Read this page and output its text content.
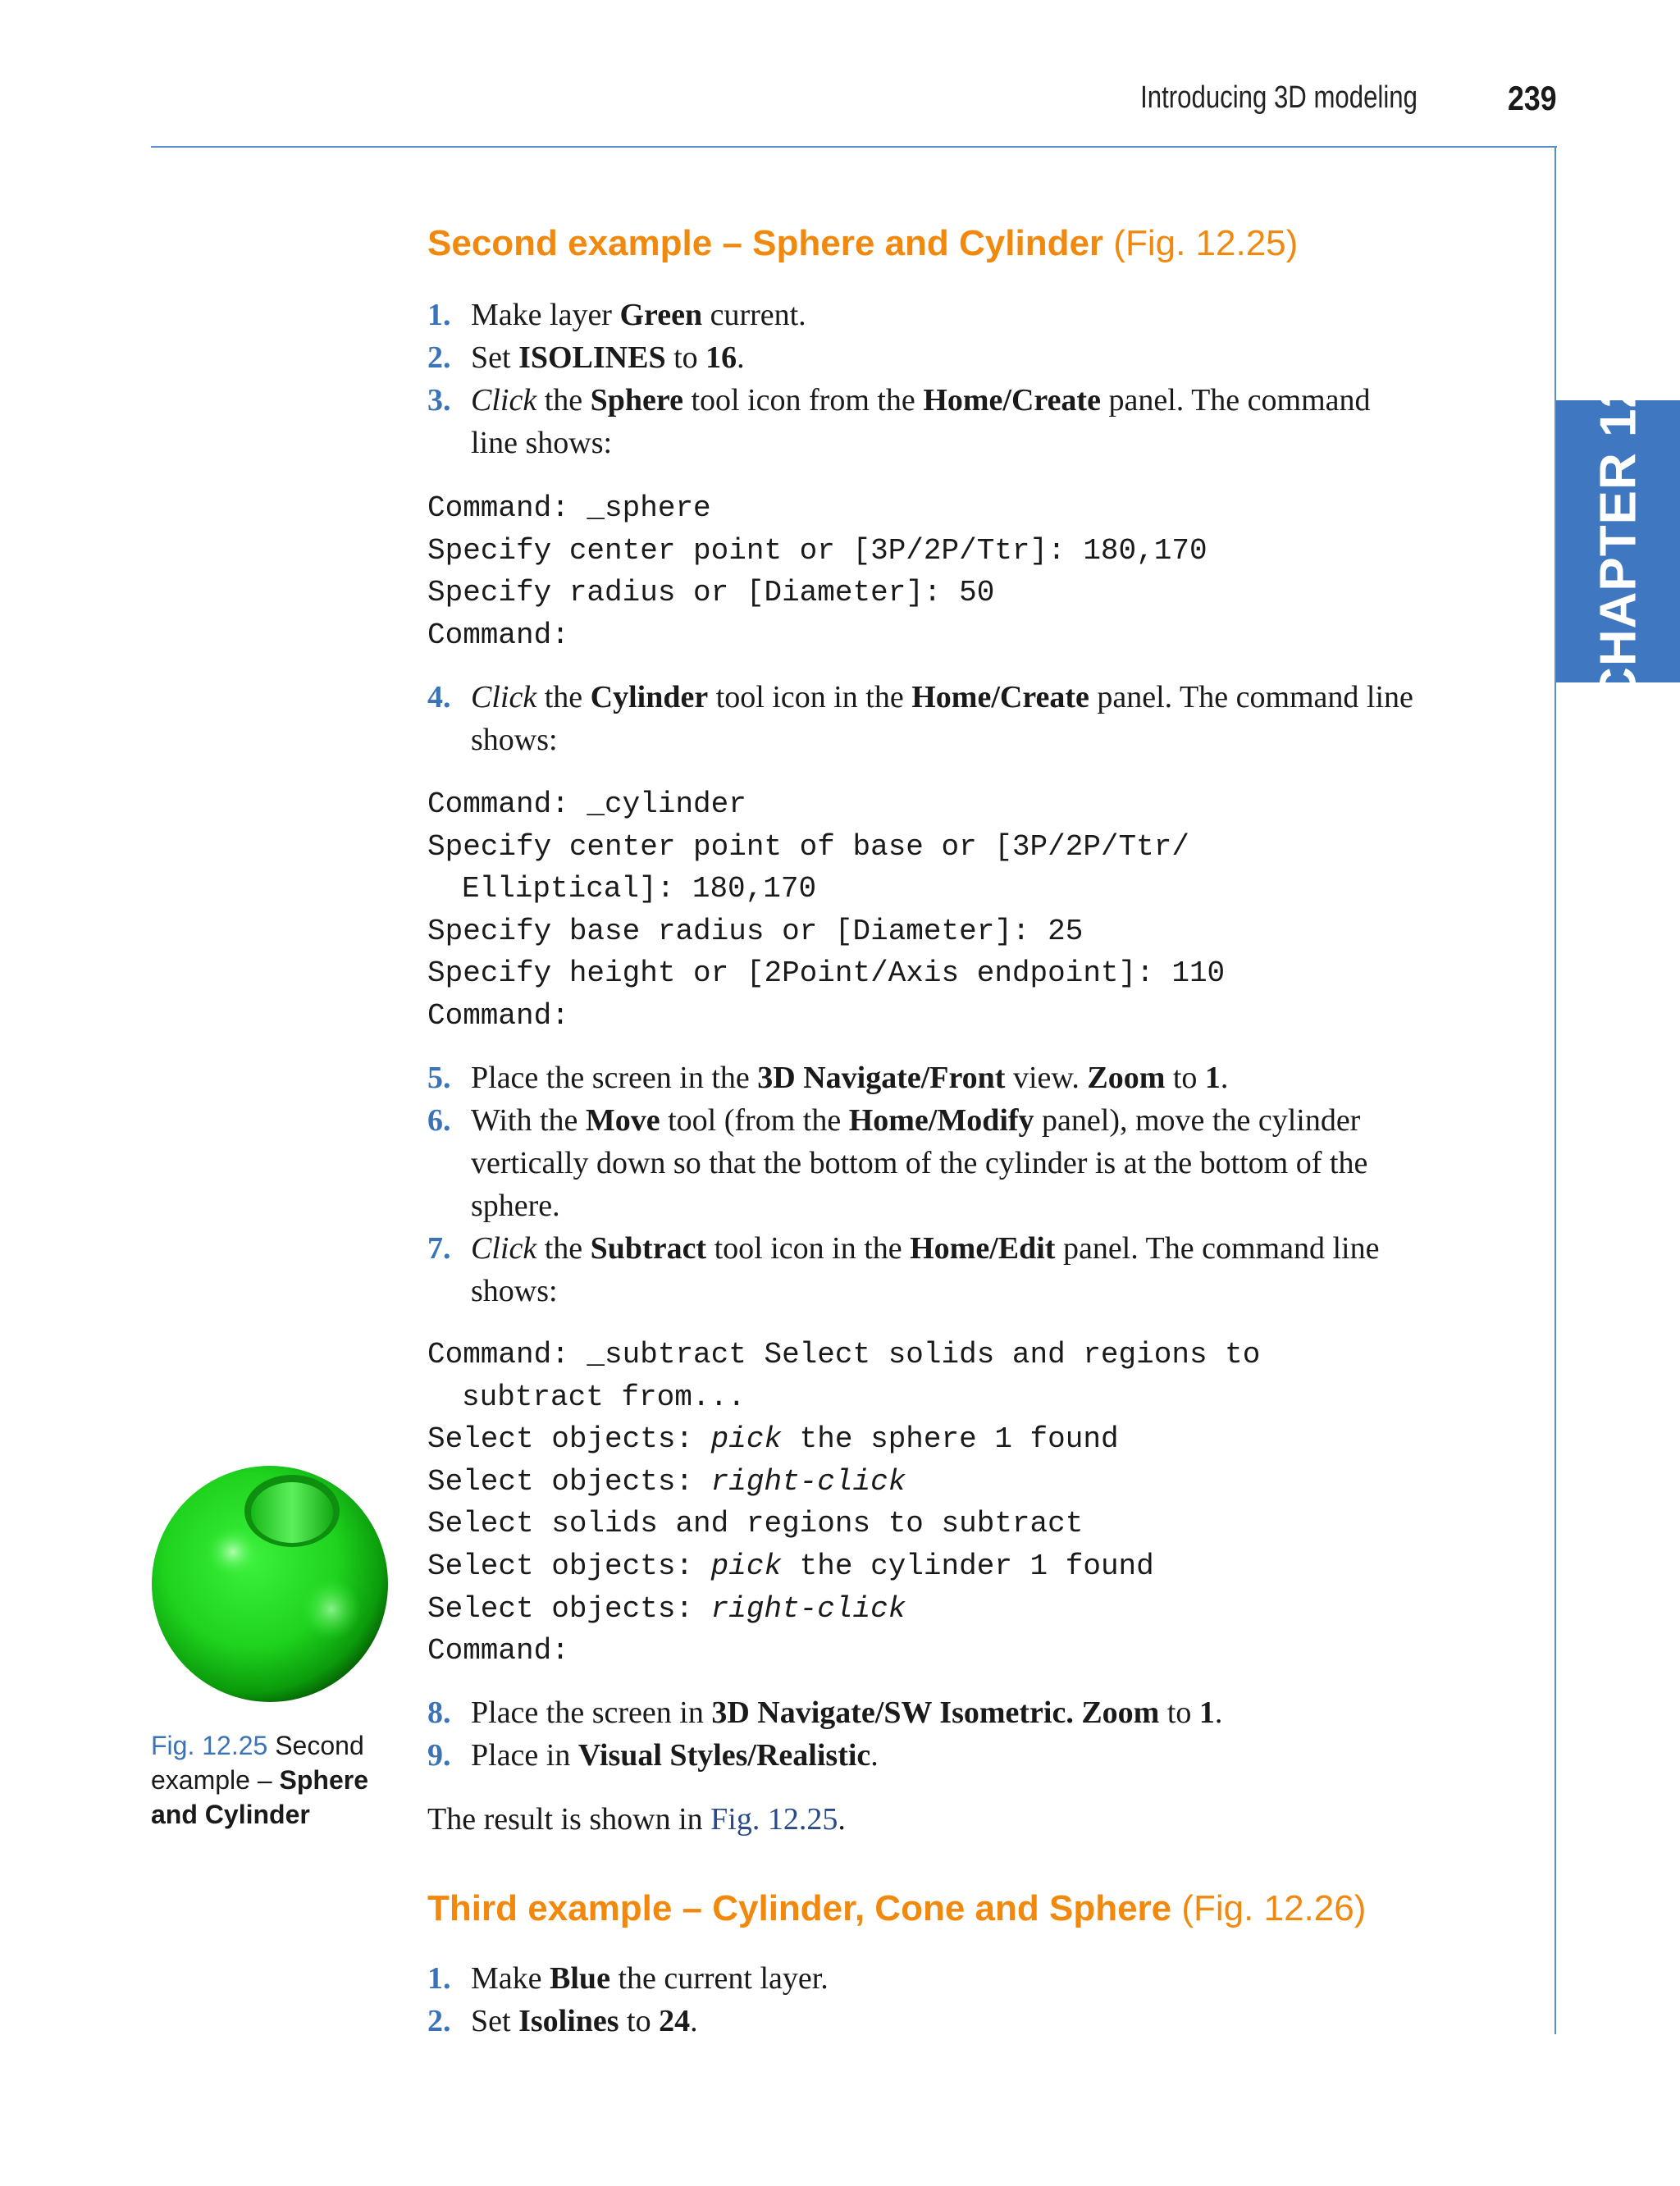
Introducing 3D modeling	239
CHAPTER 12
Second example – Sphere and Cylinder (Fig. 12.25)
1. Make layer Green current.
2. Set ISOLINES to 16.
3. Click the Sphere tool icon from the Home/Create panel. The command line shows:
Command: _sphere
Specify center point or [3P/2P/Ttr]: 180,170
Specify radius or [Diameter]: 50
Command:
4. Click the Cylinder tool icon in the Home/Create panel. The command line shows:
Command: _cylinder
Specify center point of base or [3P/2P/Ttr/
Elliptical]: 180,170
Specify base radius or [Diameter]: 25
Specify height or [2Point/Axis endpoint]: 110
Command:
5. Place the screen in the 3D Navigate/Front view. Zoom to 1.
6. With the Move tool (from the Home/Modify panel), move the cylinder vertically down so that the bottom of the cylinder is at the bottom of the sphere.
7. Click the Subtract tool icon in the Home/Edit panel. The command line shows:
Command: _subtract Select solids and regions to
subtract from...
Select objects: pick the sphere 1 found
Select objects: right-click
Select solids and regions to subtract
Select objects: pick the cylinder 1 found
Select objects: right-click
Command:
8. Place the screen in 3D Navigate/SW Isometric. Zoom to 1.
9. Place in Visual Styles/Realistic.
The result is shown in Fig. 12.25.
Fig. 12.25 Second example – Sphere and Cylinder
Third example – Cylinder, Cone and Sphere (Fig. 12.26)
1. Make Blue the current layer.
2. Set Isolines to 24.
